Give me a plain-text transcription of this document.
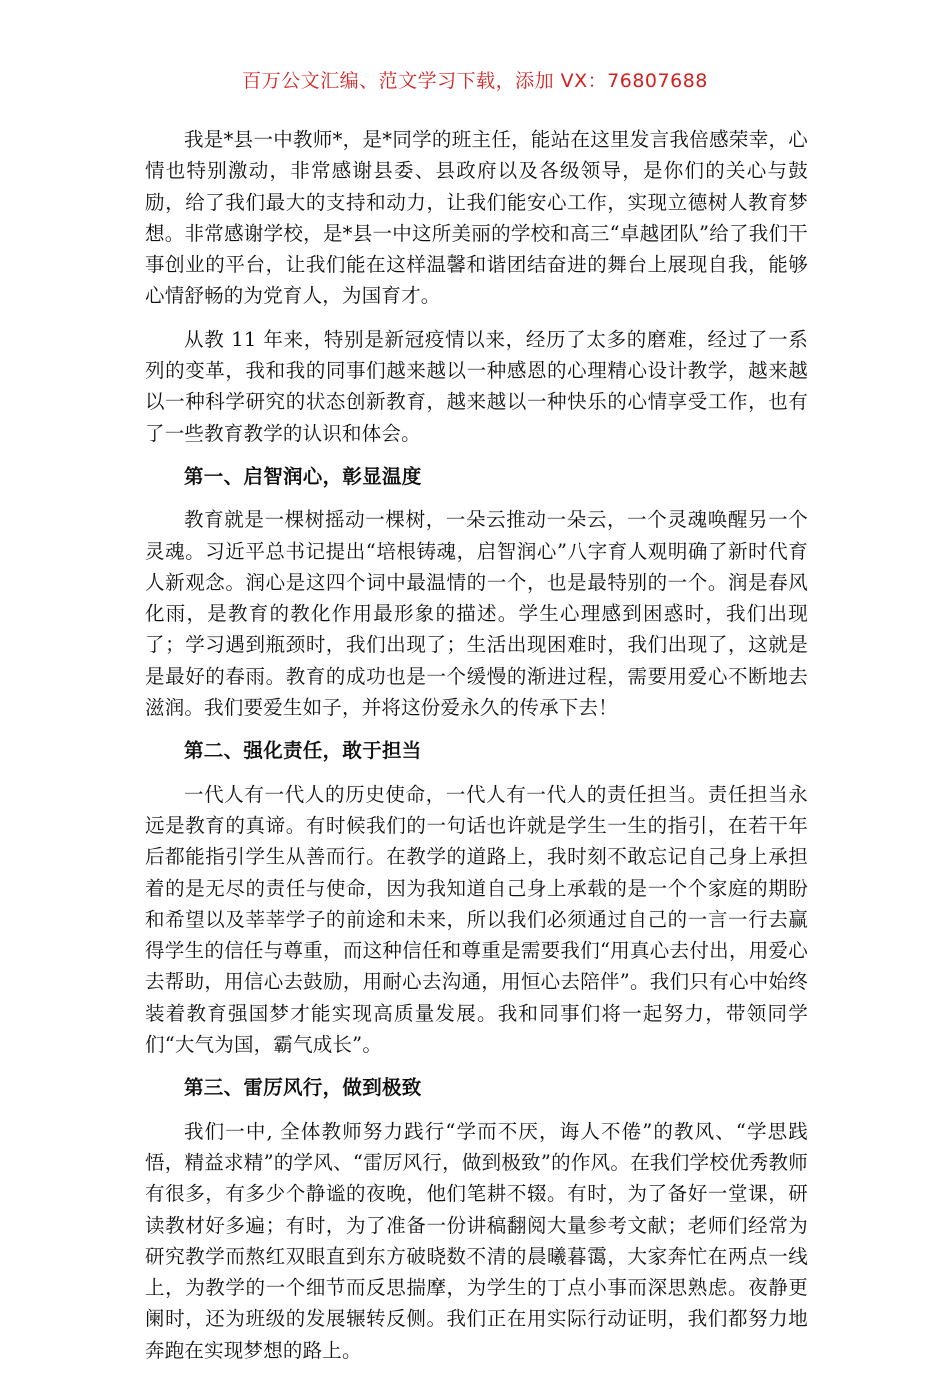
百万公文汇编、范文学习下载，添加 VX：76807688

我是*县一中教师*，是*同学的班主任，能站在这里发言我倍感荣幸，心情也特别激动，非常感谢县委、县政府以及各级领导，是你们的关心与鼓励，给了我们最大的支持和动力，让我们能安心工作，实现立德树人教育梦想。非常感谢学校，是*县一中这所美丽的学校和高三“卓越团队”给了我们干事创业的平台，让我们能在这样温馨和谐团结奋进的舞台上展现自我，能够心情舒畅的为党育人，为国育才。

从教 11 年来，特别是新冠疫情以来，经历了太多的磨难，经过了一系列的变革，我和我的同事们越来越以一种感恩的心理精心设计教学，越来越以一种科学研究的状态创新教育，越来越以一种快乐的心情享受工作，也有了一些教育教学的认识和体会。

第一、启智润心，彰显温度

教育就是一棵树摇动一棵树，一朵云推动一朵云，一个灵魂唤醒另一个灵魂。习近平总书记提出“培根铸魂，启智润心”八字育人观明确了新时代育人新观念。润心是这四个词中最温情的一个，也是最特别的一个。润是春风化雨，是教育的教化作用最形象的描述。学生心理感到困惑时，我们出现了；学习遇到瓶颈时，我们出现了；生活出现困难时，我们出现了，这就是是最好的春雨。教育的成功也是一个缓慢的渐进过程，需要用爱心不断地去滋润。我们要爱生如子，并将这份爱永久的传承下去！

第二、强化责任，敢于担当

一代人有一代人的历史使命，一代人有一代人的责任担当。责任担当永远是教育的真谛。有时候我们的一句话也许就是学生一生的指引，在若干年后都能指引学生从善而行。在教学的道路上，我时刻不敢忘记自己身上承担着的是无尽的责任与使命，因为我知道自己身上承载的是一个个家庭的期盼和希望以及莘莘学子的前途和未来，所以我们必须通过自己的一言一行去赢得学生的信任与尊重，而这种信任和尊重是需要我们“用真心去付出，用爱心去帮助，用信心去鼓励，用耐心去沟通，用恒心去陪伴”。我们只有心中始终装着教育强国梦才能实现高质量发展。我和同事们将一起努力，带领同学们“大气为国，霸气成长”。

第三、雷厉风行，做到极致

我们一中, 全体教师努力践行“学而不厌，诲人不倦”的教风、“学思践悟，精益求精”的学风、“雷厉风行，做到极致”的作风。在我们学校优秀教师有很多，有多少个静谧的夜晚，他们笔耕不辍。有时，为了备好一堂课，研读教材好多遍；有时，为了准备一份讲稿翻阅大量参考文献；老师们经常为研究教学而熬红双眼直到东方破晓数不清的晨曦暮霭，大家奔忙在两点一线上，为教学的一个细节而反思揣摩，为学生的丁点小事而深思熟虑。夜静更阑时，还为班级的发展辗转反侧。我们正在用实际行动证明，我们都努力地奔跑在实现梦想的路上。
